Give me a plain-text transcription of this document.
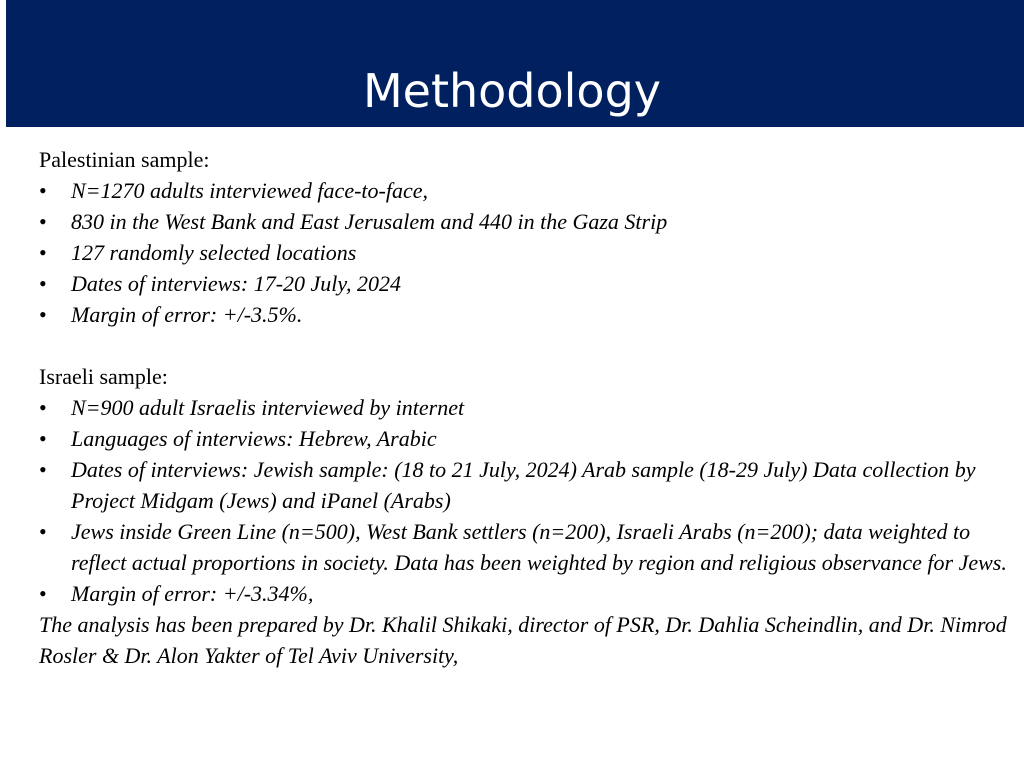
Methodology

Palestinian sample:

• N=1270 adults interviewed face-to-face,
• 830 in the West Bank and East Jerusalem and 440 in the Gaza Strip
• 127 randomly selected locations
• Dates of interviews: 17-20 July, 2024
• Margin of error: +/-3.5%.

Israeli sample:

• N=900 adult Israelis interviewed by internet
• Languages of interviews: Hebrew, Arabic
• Dates of interviews: Jewish sample: (18 to 21 July, 2024) Arab sample (18-29 July) Data collection by Project Midgam (Jews) and iPanel (Arabs)
• Jews inside Green Line (n=500), West Bank settlers (n=200), Israeli Arabs (n=200); data weighted to reflect actual proportions in society. Data has been weighted by region and religious observance for Jews.
• Margin of error: +/-3.34%,

The analysis has been prepared by Dr. Khalil Shikaki, director of PSR, Dr. Dahlia Scheindlin, and Dr. Nimrod Rosler & Dr. Alon Yakter of Tel Aviv University,
